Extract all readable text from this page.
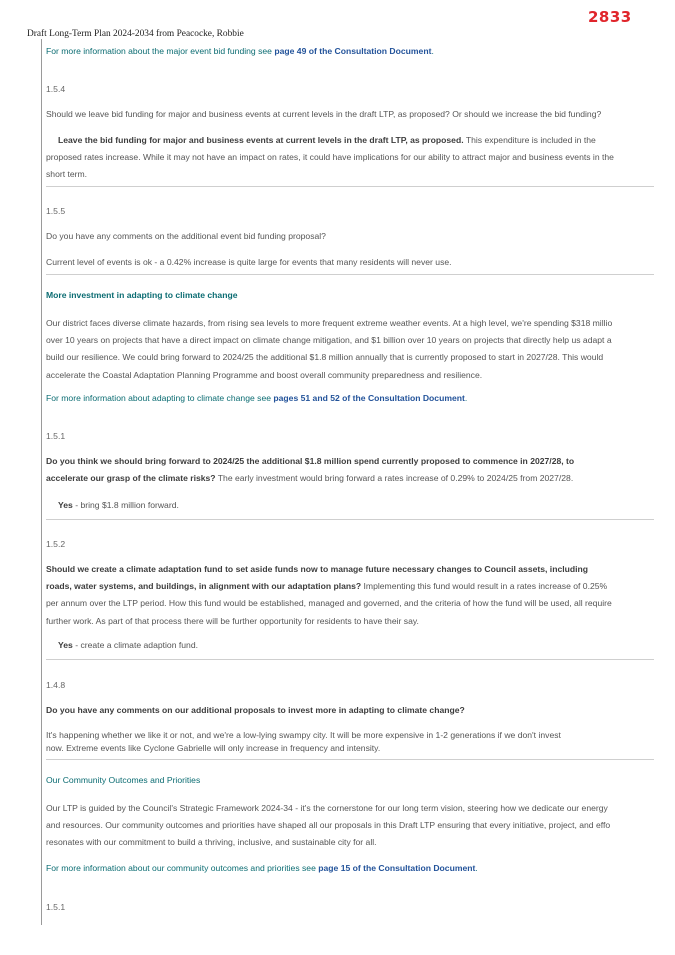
2833
Draft Long-Term Plan 2024-2034 from Peacocke, Robbie
For more information about the major event bid funding see page 49 of the Consultation Document.
1.5.4
Should we leave bid funding for major and business events at current levels in the draft LTP, as proposed? Or should we increase the bid funding?
Leave the bid funding for major and business events at current levels in the draft LTP, as proposed. This expenditure is included in the
proposed rates increase. While it may not have an impact on rates, it could have implications for our ability to attract major and business events in the
short term.
1.5.5
Do you have any comments on the additional event bid funding proposal?
Current level of events is ok - a 0.42% increase is quite large for events that many residents will never use.
More investment in adapting to climate change
Our district faces diverse climate hazards, from rising sea levels to more frequent extreme weather events. At a high level, we're spending $318 millio
over 10 years on projects that have a direct impact on climate change mitigation, and $1 billion over 10 years on projects that directly help us adapt a
build our resilience. We could bring forward to 2024/25 the additional $1.8 million annually that is currently proposed to start in 2027/28. This would
accelerate the Coastal Adaptation Planning Programme and boost overall community preparedness and resilience.
For more information about adapting to climate change see pages 51 and 52 of the Consultation Document.
1.5.1
Do you think we should bring forward to 2024/25 the additional $1.8 million spend currently proposed to commence in 2027/28, to
accelerate our grasp of the climate risks? The early investment would bring forward a rates increase of 0.29% to 2024/25 from 2027/28.
Yes - bring $1.8 million forward.
1.5.2
Should we create a climate adaptation fund to set aside funds now to manage future necessary changes to Council assets, including
roads, water systems, and buildings, in alignment with our adaptation plans? Implementing this fund would result in a rates increase of 0.25%
per annum over the LTP period. How this fund would be established, managed and governed, and the criteria of how the fund will be used, all require
further work. As part of that process there will be further opportunity for residents to have their say.
Yes - create a climate adaption fund.
1.4.8
Do you have any comments on our additional proposals to invest more in adapting to climate change?
It's happening whether we like it or not, and we're a low-lying swampy city. It will be more expensive in 1-2 generations if we don't invest
now. Extreme events like Cyclone Gabrielle will only increase in frequency and intensity.
Our Community Outcomes and Priorities
Our LTP is guided by the Council's Strategic Framework 2024-34 - it's the cornerstone for our long term vision, steering how we dedicate our energy
and resources. Our community outcomes and priorities have shaped all our proposals in this Draft LTP ensuring that every initiative, project, and effo
resonates with our commitment to build a thriving, inclusive, and sustainable city for all.
For more information about our community outcomes and priorities see page 15 of the Consultation Document.
1.5.1
